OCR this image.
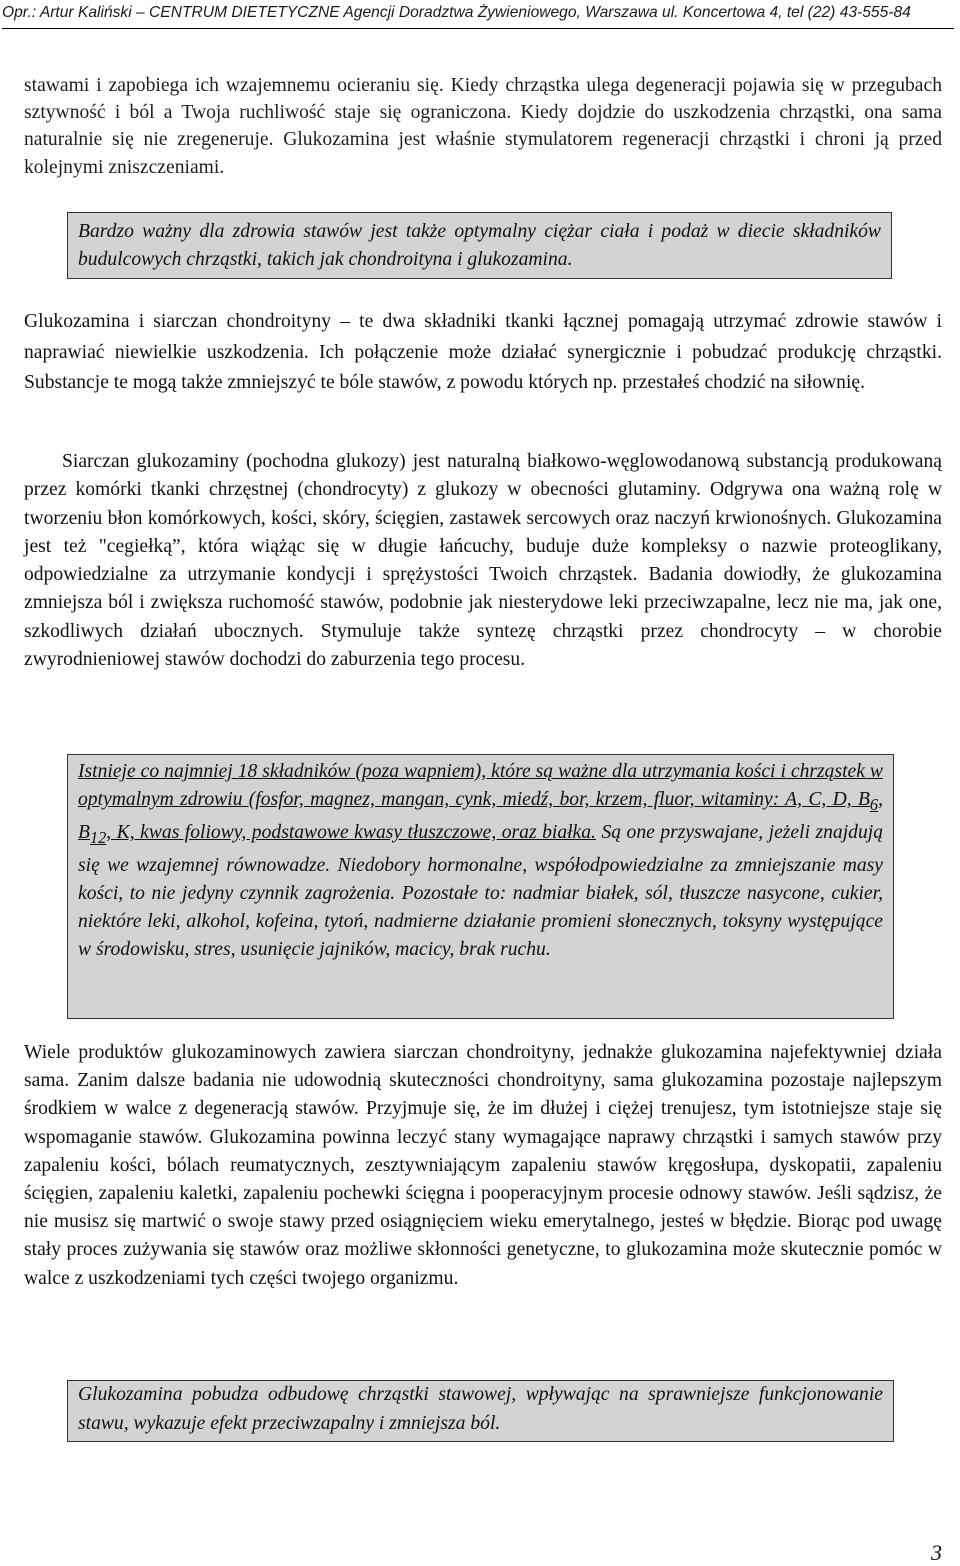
Opr.: Artur Kaliński – CENTRUM DIETETYCZNE Agencji Doradztwa Żywieniowego, Warszawa ul. Koncertowa 4, tel (22) 43-555-84

stawami i zapobiega ich wzajemnemu ocieraniu się. Kiedy chrząstka ulega degeneracji pojawia się w przegubach sztywność i ból a Twoja ruchliwość staje się ograniczona. Kiedy dojdzie do uszkodzenia chrząstki, ona sama naturalnie się nie zregeneruje. Glukozamina jest właśnie stymulatorem regeneracji chrząstki i chroni ją przed kolejnymi zniszczeniami.

Bardzo ważny dla zdrowia stawów jest także optymalny ciężar ciała i podaż w diecie składników budulcowych chrząstki, takich jak chondroityna i glukozamina.

Glukozamina i siarczan chondroityny – te dwa składniki tkanki łącznej pomagają utrzymać zdrowie stawów i naprawiać niewielkie uszkodzenia. Ich połączenie może działać synergicznie i pobudzać produkcję chrząstki. Substancje te mogą także zmniejszyć te bóle stawów, z powodu których np. przestałeś chodzić na siłownię.

Siarczan glukozaminy (pochodna glukozy) jest naturalną białkowo-węglowodanową substancją produkowaną przez komórki tkanki chrzęstnej (chondrocyty) z glukozy w obecności glutaminy. Odgrywa ona ważną rolę w tworzeniu błon komórkowych, kości, skóry, ścięgien, zastawek sercowych oraz naczyń krwionośnych. Glukozamina jest też "cegiełką”, która wiążąc się w długie łańcuchy, buduje duże kompleksy o nazwie proteoglikany, odpowiedzialne za utrzymanie kondycji i sprężystości Twoich chrząstek. Badania dowiodły, że glukozamina zmniejsza ból i zwiększa ruchomość stawów, podobnie jak niesterydowe leki przeciwzapalne, lecz nie ma, jak one, szkodliwych działań ubocznych. Stymuluje także syntezę chrząstki przez chondrocyty – w chorobie zwyrodnieniowej stawów dochodzi do zaburzenia tego procesu.

Istnieje co najmniej 18 składników (poza wapniem), które są ważne dla utrzymania kości i chrząstek w optymalnym zdrowiu (fosfor, magnez, mangan, cynk, miedź, bor, krzem, fluor, witaminy: A, C, D, $B_6$, $B_{12}$, K, kwas foliowy, podstawowe kwasy tłuszczowe, oraz białka. Są one przyswajane, jeżeli znajdują się we wzajemnej równowadze. Niedobory hormonalne, współodpowiedzialne za zmniejszanie masy kości, to nie jedyny czynnik zagrożenia. Pozostałe to: nadmiar białek, sól, tłuszcze nasycone, cukier, niektóre leki, alkohol, kofeina, tytoń, nadmierne działanie promieni słonecznych, toksyny występujące w środowisku, stres, usunięcie jajników, macicy, brak ruchu.

Wiele produktów glukozaminowych zawiera siarczan chondroityny, jednakże glukozamina najefektywniej działa sama. Zanim dalsze badania nie udowodnią skuteczności chondroityny, sama glukozamina pozostaje najlepszym środkiem w walce z degeneracją stawów. Przyjmuje się, że im dłużej i ciężej trenujesz, tym istotniejsze staje się wspomaganie stawów. Glukozamina powinna leczyć stany wymagające naprawy chrząstki i samych stawów przy zapaleniu kości, bólach reumatycznych, zesztywniającym zapaleniu stawów kręgosłupa, dyskopatii, zapaleniu ścięgien, zapaleniu kaletki, zapaleniu pochewki ścięgna i pooperacyjnym procesie odnowy stawów. Jeśli sądzisz, że nie musisz się martwić o swoje stawy przed osiągnięciem wieku emerytalnego, jesteś w błędzie. Biorąc pod uwagę stały proces zużywania się stawów oraz możliwe skłonności genetyczne, to glukozamina może skutecznie pomóc w walce z uszkodzeniami tych części twojego organizmu.

Glukozamina pobudza odbudowę chrząstki stawowej, wpływając na sprawniejsze funkcjonowanie stawu, wykazuje efekt przeciwzapalny i zmniejsza ból.
3
